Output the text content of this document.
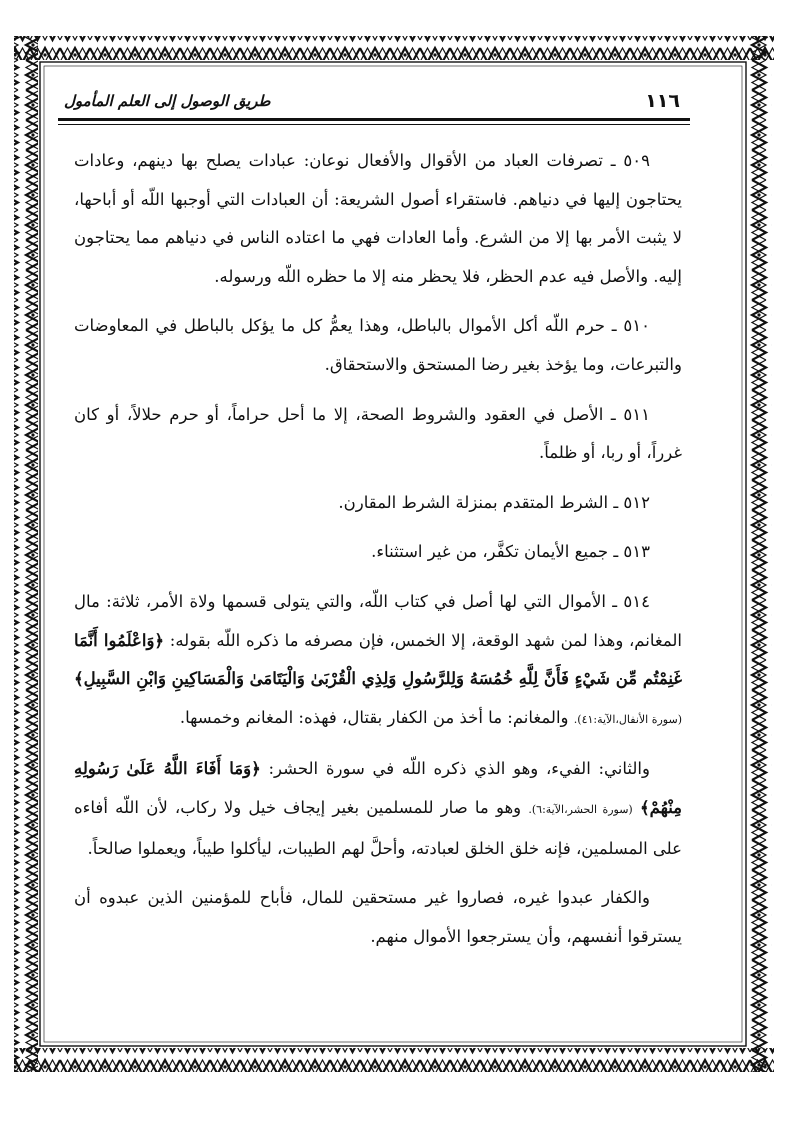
طريق الوصول إلى العلم المأمول	١١٦

٥٠٩ ـ تصرفات العباد من الأقوال والأفعال نوعان: عبادات يصلح بها دينهم، وعادات يحتاجون إليها في دنياهم. فاستقراء أصول الشريعة: أن العبادات التي أوجبها اللّه أو أباحها، لا يثبت الأمر بها إلا من الشرع. وأما العادات فهي ما اعتاده الناس في دنياهم مما يحتاجون إليه. والأصل فيه عدم الحظر، فلا يحظر منه إلا ما حظره اللّه ورسوله.

٥١٠ ـ حرم اللّه أكل الأموال بالباطل، وهذا يعمُّ كل ما يؤكل بالباطل في المعاوضات والتبرعات، وما يؤخذ بغير رضا المستحق والاستحقاق.

٥١١ ـ الأصل في العقود والشروط الصحة، إلا ما أحل حراماً، أو حرم حلالاً، أو كان غرراً، أو ربا، أو ظلماً.

٥١٢ ـ الشرط المتقدم بمنزلة الشرط المقارن.

٥١٣ ـ جميع الأيمان تكفَّر، من غير استثناء.

٥١٤ ـ الأموال التي لها أصل في كتاب اللّه، والتي يتولى قسمها ولاة الأمر، ثلاثة: مال المغانم، وهذا لمن شهد الوقعة، إلا الخمس، فإن مصرفه ما ذكره اللّه بقوله: ﴿وَاعْلَمُوا أَنَّمَا غَنِمْتُم مِّن شَيْءٍ فَأَنَّ لِلَّهِ خُمُسَهُ وَلِلرَّسُولِ وَلِذِي الْقُرْبَىٰ وَالْيَتَامَىٰ وَالْمَسَاكِينِ وَابْنِ السَّبِيلِ﴾ (سورة الأنفال،الآية:٤١). والمغانم: ما أخذ من الكفار بقتال، فهذه: المغانم وخمسها.

والثاني: الفيء، وهو الذي ذكره اللّه في سورة الحشر: ﴿وَمَا أَفَاءَ اللَّهُ عَلَىٰ رَسُولِهِ مِنْهُمْ﴾ (سورة الحشر،الآية:٦). وهو ما صار للمسلمين بغير إيجاف خيل ولا ركاب، لأن اللّه أفاءه على المسلمين، فإنه خلق الخلق لعبادته، وأحلَّ لهم الطيبات، ليأكلوا طيباً، ويعملوا صالحاً.

والكفار عبدوا غيره، فصاروا غير مستحقين للمال، فأباح للمؤمنين الذين عبدوه أن يسترقوا أنفسهم، وأن يسترجعوا الأموال منهم.
